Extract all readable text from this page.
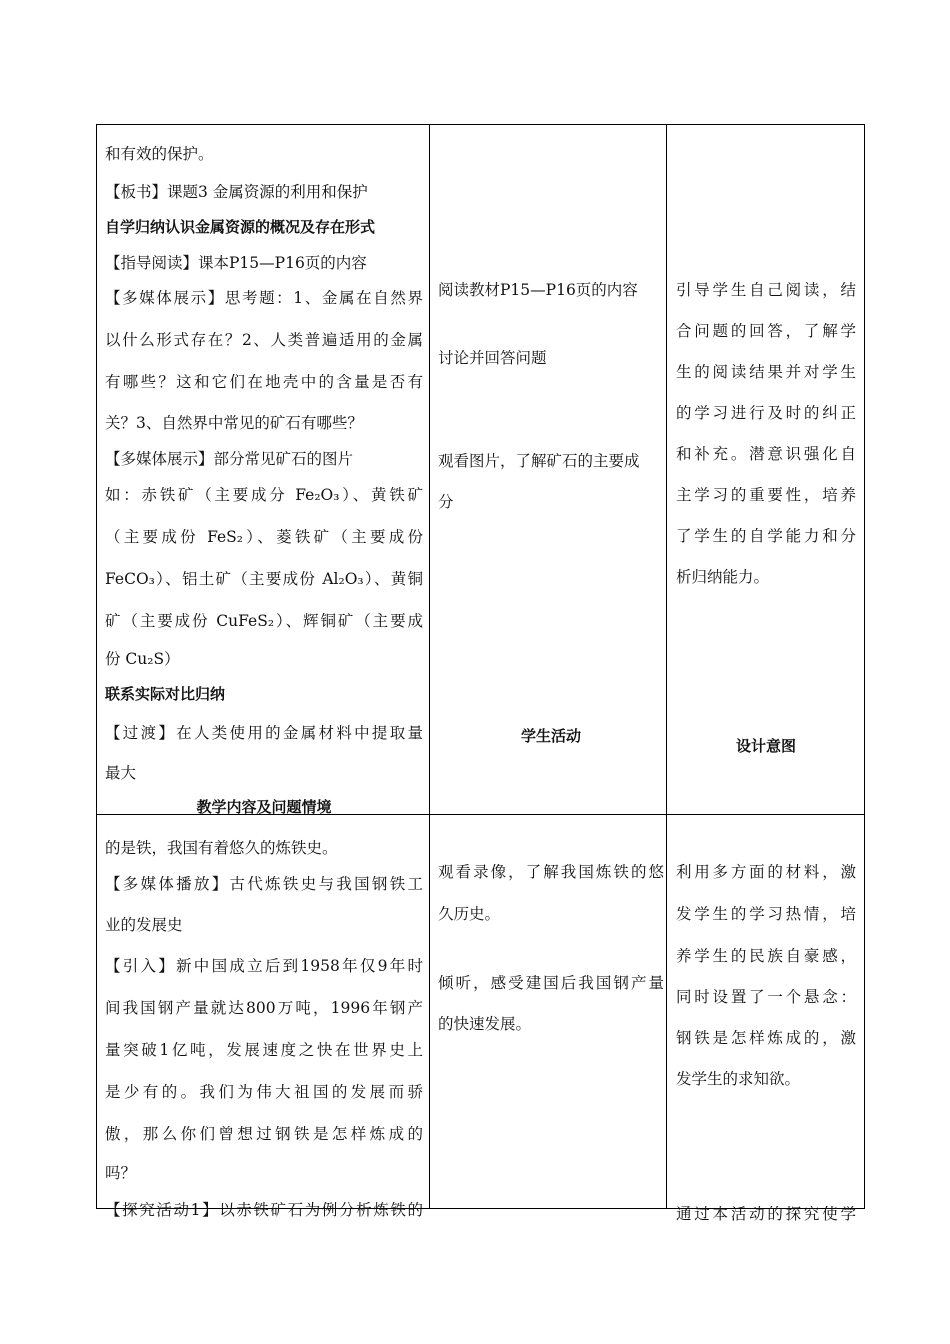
和有效的保护。

【板书】课题3 金属资源的利用和保护

自学归纳认识金属资源的概况及存在形式

【指导阅读】课本P15—P16页的内容

【多媒体展示】思考题：1、金属在自然界

以什么形式存在？2、人类普遍适用的金属

有哪些？这和它们在地壳中的含量是否有

关？3、自然界中常见的矿石有哪些？

【多媒体展示】部分常见矿石的图片

如：赤铁矿（主要成分 Fe₂O₃）、黄铁矿

（主要成份 FeS₂）、菱铁矿（主要成份

FeCO₃）、铝土矿（主要成份 Al₂O₃）、黄铜

矿（主要成份 CuFeS₂）、辉铜矿（主要成

份 Cu₂S）

联系实际对比归纳

【过渡】在人类使用的金属材料中提取量

最大

教学内容及问题情境

阅读教材P15—P16页的内容

讨论并回答问题

观看图片，了解矿石的主要成

分

学生活动

引导学生自己阅读，结

合问题的回答，了解学

生的阅读结果并对学生

的学习进行及时的纠正

和补充。潜意识强化自

主学习的重要性，培养

了学生的自学能力和分

析归纳能力。

设计意图

的是铁，我国有着悠久的炼铁史。

【多媒体播放】古代炼铁史与我国钢铁工

业的发展史

【引入】新中国成立后到1958年仅9年时

间我国钢产量就达800万吨，1996年钢产

量突破1亿吨，发展速度之快在世界史上

是少有的。我们为伟大祖国的发展而骄

傲，那么你们曾想过钢铁是怎样炼成的

吗？

【探究活动1】以赤铁矿石为例分析炼铁的

观看录像，了解我国炼铁的悠

久历史。

倾听，感受建国后我国钢产量

的快速发展。

利用多方面的材料，激

发学生的学习热情，培

养学生的民族自豪感，

同时设置了一个悬念：

钢铁是怎样炼成的，激

发学生的求知欲。

通过本活动的探究使学
